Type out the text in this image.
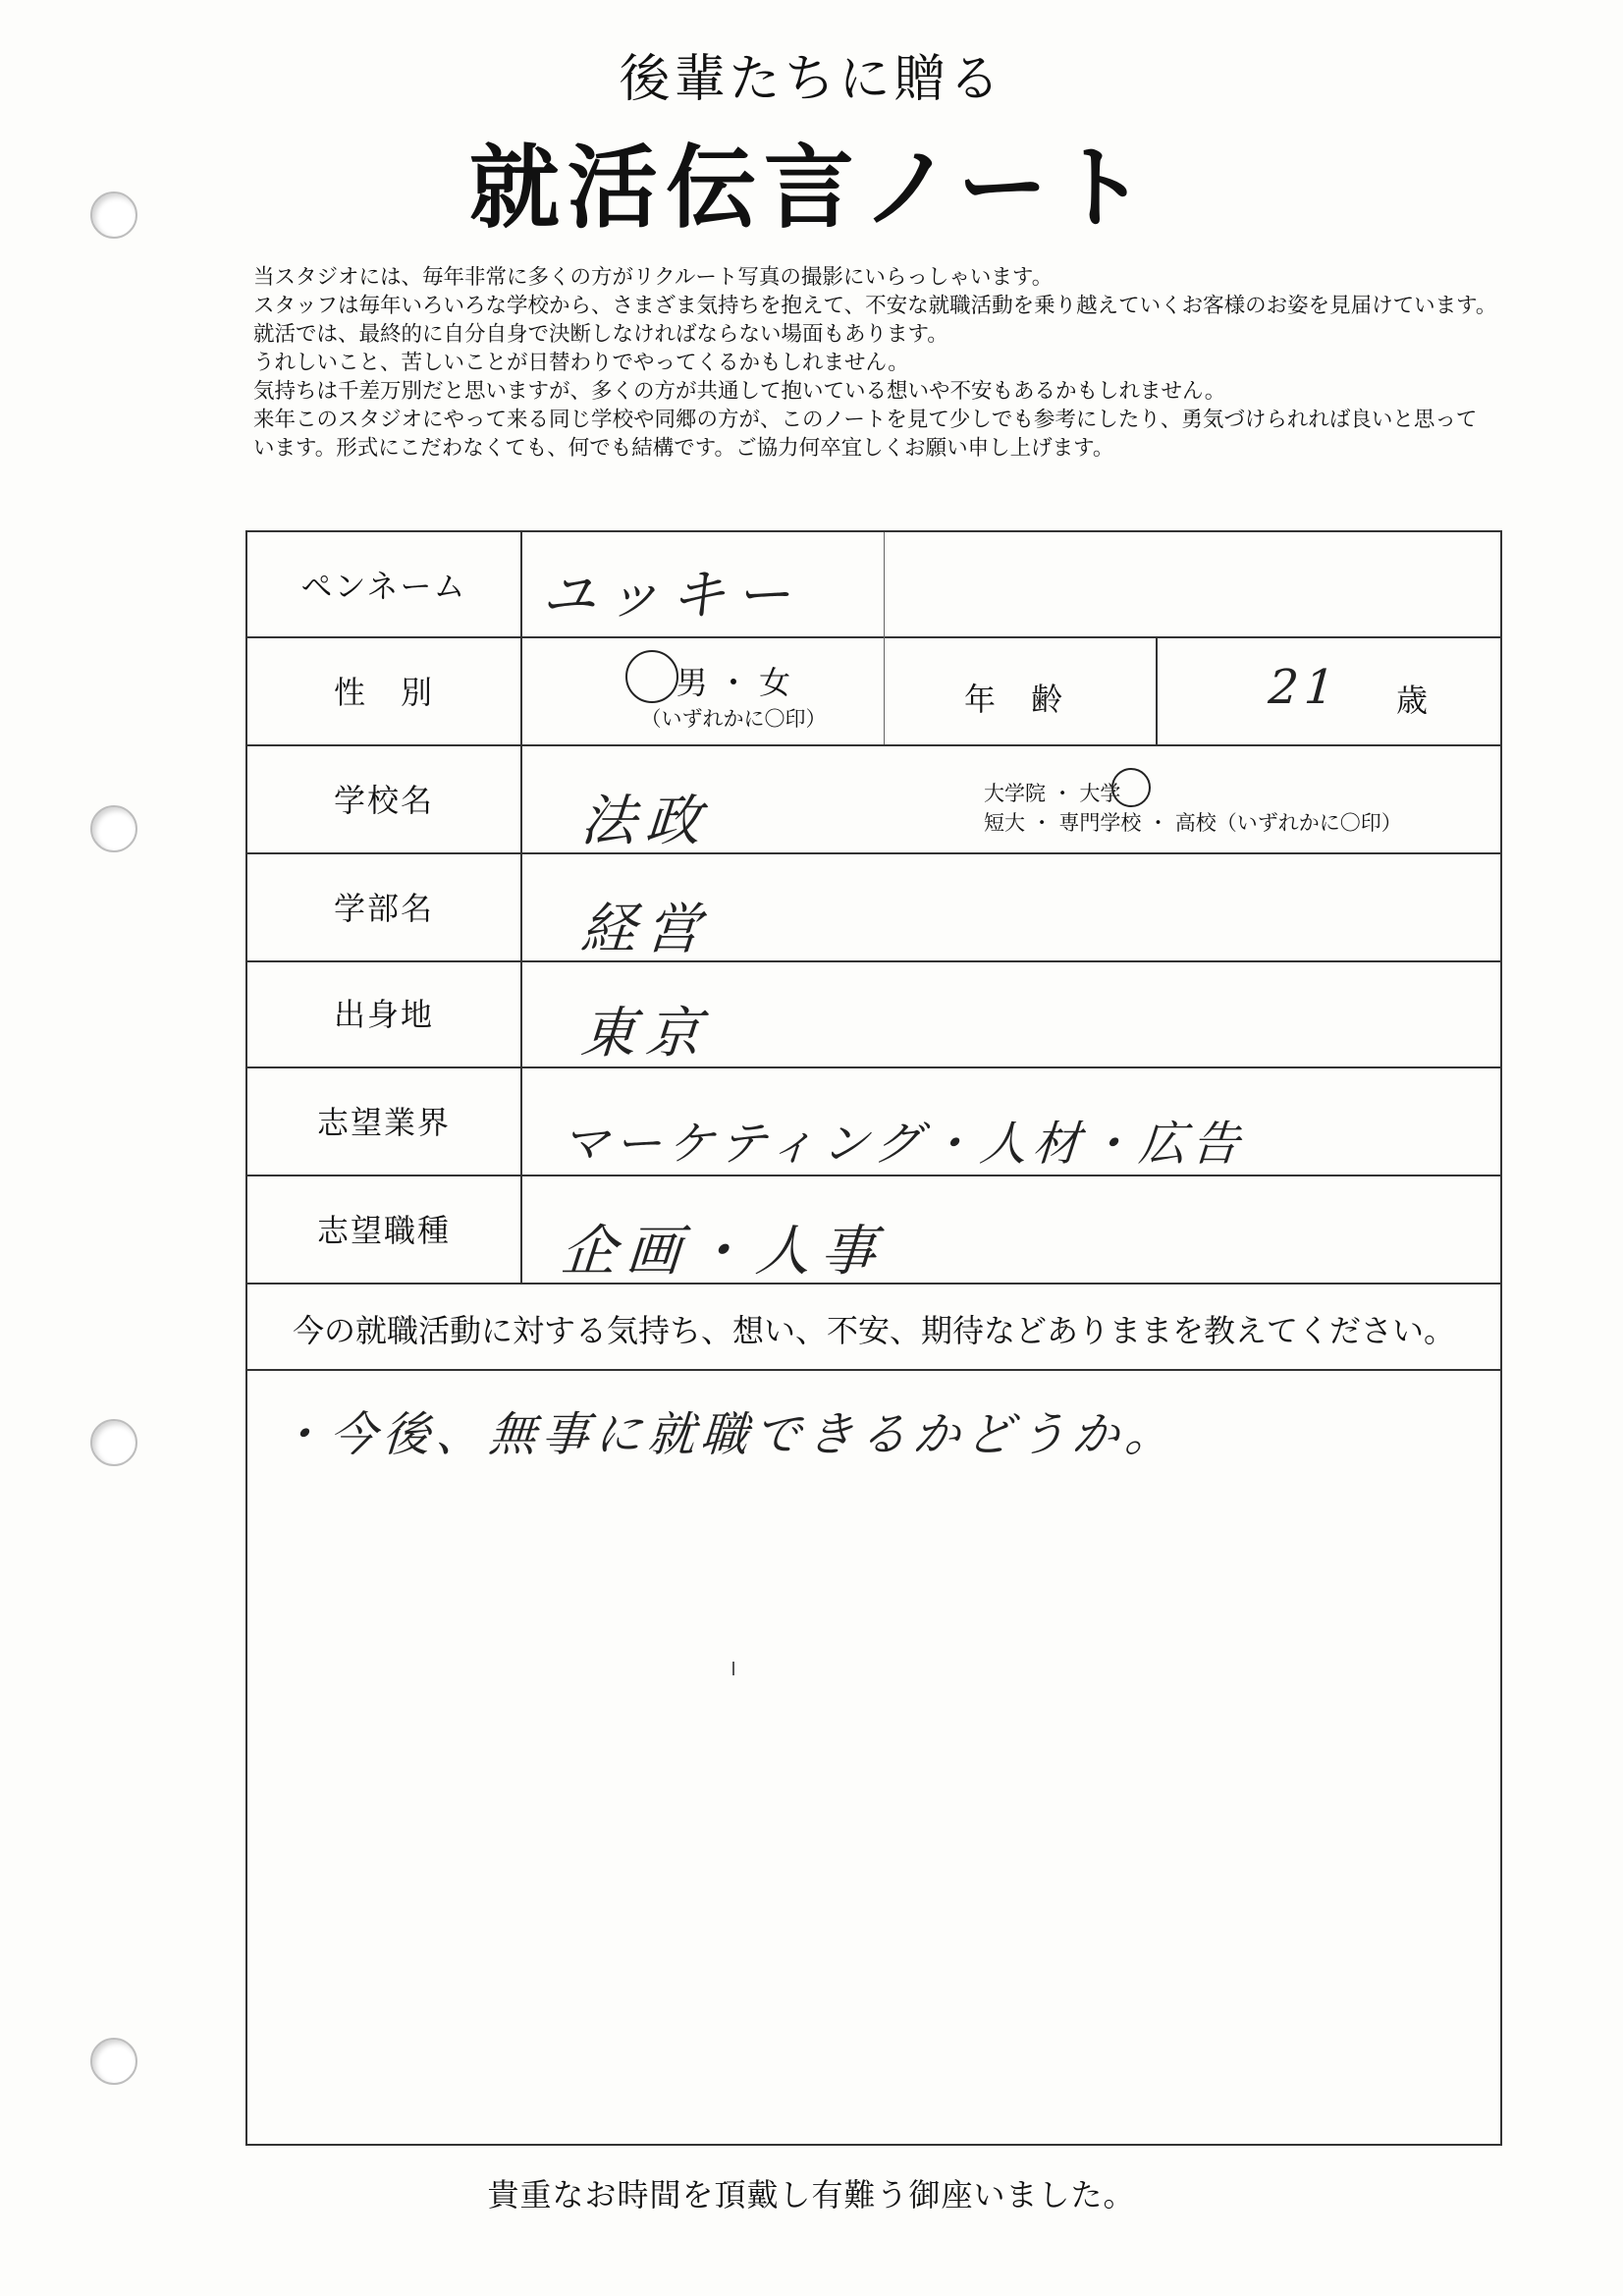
後輩たちに贈る
就活伝言ノート

当スタジオには、毎年非常に多くの方がリクルート写真の撮影にいらっしゃいます。

スタッフは毎年いろいろな学校から、さまざま気持ちを抱えて、不安な就職活動を乗り越えていくお客様のお姿を見届けています。

就活では、最終的に自分自身で決断しなければならない場面もあります。

うれしいこと、苦しいことが日替わりでやってくるかもしれません。

気持ちは千差万別だと思いますが、多くの方が共通して抱いている想いや不安もあるかもしれません。

来年このスタジオにやって来る同じ学校や同郷の方が、このノートを見て少しでも参考にしたり、勇気づけられれば良いと思って

います。形式にこだわなくても、何でも結構です。ご協力何卒宜しくお願い申し上げます。

ペンネーム	ユッキー
性　別	男 ・ 女
（いずれかに〇印）
年　齢	21 歳
学校名	法政	大学院 ・ 大学
短大 ・ 専門学校 ・ 高校（いずれかに〇印）
学部名	経営
出身地	東京
志望業界	マーケティング・人材・広告
志望職種	企画・人事
今の就職活動に対する気持ち、想い、不安、期待などありままを教えてください。
・今後、無事に就職できるかどうか。
貴重なお時間を頂戴し有難う御座いました。
